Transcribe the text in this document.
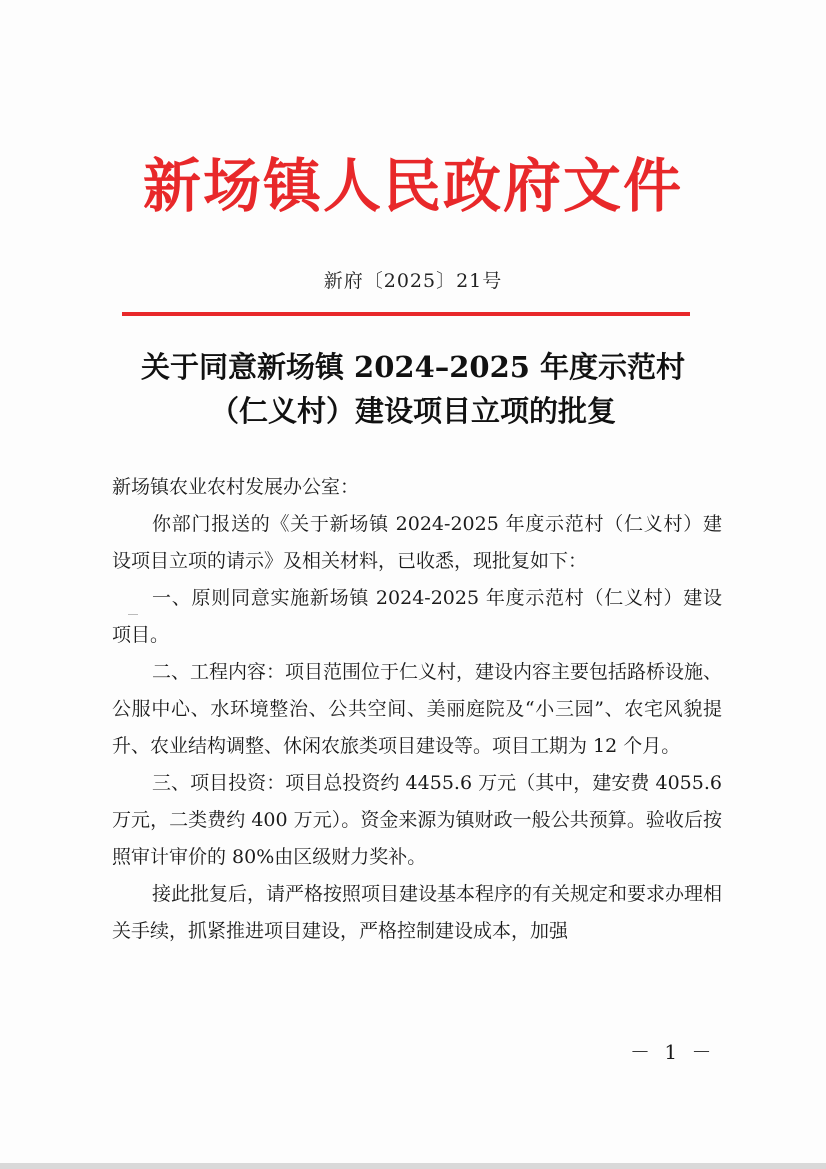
新场镇人民政府文件
新府〔2025〕21号
关于同意新场镇 2024–2025 年度示范村
（仁义村）建设项目立项的批复

新场镇农业农村发展办公室：

你部门报送的《关于新场镇 2024-2025 年度示范村（仁义村）建设项目立项的请示》及相关材料，已收悉，现批复如下：

一、原则同意实施新场镇 2024-2025 年度示范村（仁义村）建设项目。

二、工程内容：项目范围位于仁义村，建设内容主要包括路桥设施、公服中心、水环境整治、公共空间、美丽庭院及“小三园”、农宅风貌提升、农业结构调整、休闲农旅类项目建设等。项目工期为 12 个月。

三、项目投资：项目总投资约 4455.6 万元（其中，建安费 4055.6 万元，二类费约 400 万元）。资金来源为镇财政一般公共预算。验收后按照审计审价的 80%由区级财力奖补。

接此批复后，请严格按照项目建设基本程序的有关规定和要求办理相关手续，抓紧推进项目建设，严格控制建设成本，加强

－ 1 －
